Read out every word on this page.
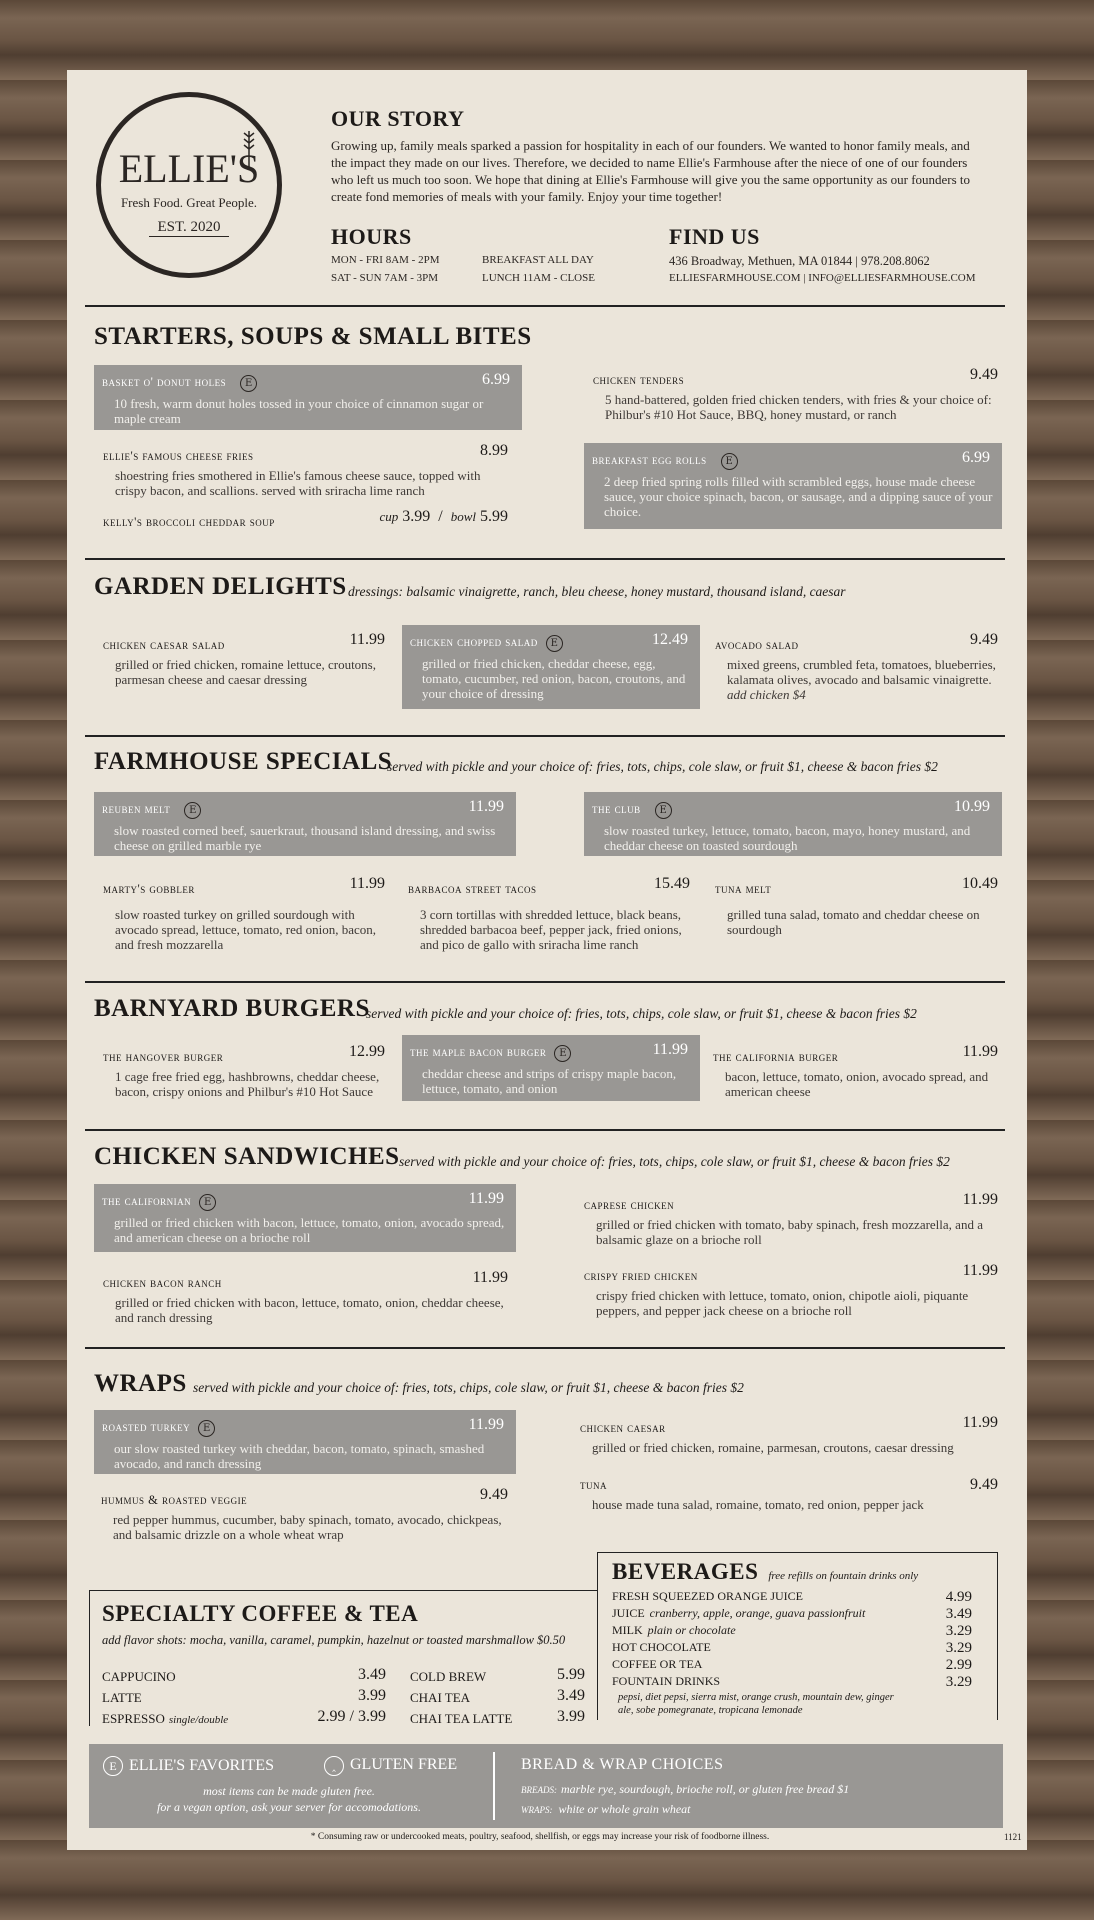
ELLIE'S
Fresh Food. Great People.
EST. 2020
OUR STORY
Growing up, family meals sparked a passion for hospitality in each of our founders. We wanted to honor family meals, and the impact they made on our lives. Therefore, we decided to name Ellie's Farmhouse after the niece of one of our founders who left us much too soon. We hope that dining at Ellie's Farmhouse will give you the same opportunity as our founders to create fond memories of meals with your family. Enjoy your time together!
HOURS
MON - FRI 8AM - 2PM
SAT - SUN 7AM - 3PM
BREAKFAST ALL DAY
LUNCH 11AM - CLOSE
FIND US
436 Broadway, Methuen, MA 01844 | 978.208.8062
ELLIESFARMHOUSE.COM | INFO@ELLIESFARMHOUSE.COM
STARTERS, SOUPS & SMALL BITES
basket o' donut holes E	6.99
10 fresh, warm donut holes tossed in your choice of cinnamon sugar or maple cream
ellie's famous cheese fries	8.99
shoestring fries smothered in Ellie's famous cheese sauce, topped with crispy bacon, and scallions. served with sriracha lime ranch
kelly's broccoli cheddar soup	cup 3.99 / bowl 5.99
chicken tenders	9.49
5 hand-battered, golden fried chicken tenders, with fries & your choice of: Philbur's #10 Hot Sauce, BBQ, honey mustard, or ranch
breakfast egg rolls E	6.99
2 deep fried spring rolls filled with scrambled eggs, house made cheese sauce, your choice spinach, bacon, or sausage, and a dipping sauce of your choice.
GARDEN DELIGHTS dressings: balsamic vinaigrette, ranch, bleu cheese, honey mustard, thousand island, caesar
chicken caesar salad	11.99
grilled or fried chicken, romaine lettuce, croutons, parmesan cheese and caesar dressing
chicken chopped salad E	12.49
grilled or fried chicken, cheddar cheese, egg, tomato, cucumber, red onion, bacon, croutons, and your choice of dressing
avocado salad	9.49
mixed greens, crumbled feta, tomatoes, blueberries, kalamata olives, avocado and balsamic vinaigrette. add chicken $4
FARMHOUSE SPECIALS
served with pickle and your choice of: fries, tots, chips, cole slaw, or fruit $1, cheese & bacon fries $2
reuben melt E	11.99
slow roasted corned beef, sauerkraut, thousand island dressing, and swiss cheese on grilled marble rye
the club E	10.99
slow roasted turkey, lettuce, tomato, bacon, mayo, honey mustard, and cheddar cheese on toasted sourdough
marty's gobbler	11.99
slow roasted turkey on grilled sourdough with avocado spread, lettuce, tomato, red onion, bacon, and fresh mozzarella
barbacoa street tacos	15.49
3 corn tortillas with shredded lettuce, black beans, shredded barbacoa beef, pepper jack, fried onions, and pico de gallo with sriracha lime ranch
tuna melt	10.49
grilled tuna salad, tomato and cheddar cheese on sourdough
BARNYARD BURGERS
served with pickle and your choice of: fries, tots, chips, cole slaw, or fruit $1, cheese & bacon fries $2
the hangover burger	12.99
1 cage free fried egg, hashbrowns, cheddar cheese, bacon, crispy onions and Philbur's #10 Hot Sauce
the maple bacon burger E	11.99
cheddar cheese and strips of crispy maple bacon, lettuce, tomato, and onion
the california burger	11.99
bacon, lettuce, tomato, onion, avocado spread, and american cheese
CHICKEN SANDWICHES served with pickle and your choice of: fries, tots, chips, cole slaw, or fruit $1, cheese & bacon fries $2
the californian E	11.99
grilled or fried chicken with bacon, lettuce, tomato, onion, avocado spread, and american cheese on a brioche roll
caprese chicken	11.99
grilled or fried chicken with tomato, baby spinach, fresh mozzarella, and a balsamic glaze on a brioche roll
chicken bacon ranch	11.99
grilled or fried chicken with bacon, lettuce, tomato, onion, cheddar cheese, and ranch dressing
crispy fried chicken	11.99
crispy fried chicken with lettuce, tomato, onion, chipotle aioli, piquante peppers, and pepper jack cheese on a brioche roll
WRAPS served with pickle and your choice of: fries, tots, chips, cole slaw, or fruit $1, cheese & bacon fries $2
roasted turkey E	11.99
our slow roasted turkey with cheddar, bacon, tomato, spinach, smashed avocado, and ranch dressing
chicken caesar	11.99
grilled or fried chicken, romaine, parmesan, croutons, caesar dressing
hummus & roasted veggie	9.49
red pepper hummus, cucumber, baby spinach, tomato, avocado, chickpeas, and balsamic drizzle on a whole wheat wrap
tuna	9.49
house made tuna salad, romaine, tomato, red onion, pepper jack
BEVERAGES free refills on fountain drinks only
FRESH SQUEEZED ORANGE JUICE	4.99
JUICE cranberry, apple, orange, guava passionfruit	3.49
MILK plain or chocolate	3.29
HOT CHOCOLATE	3.29
COFFEE OR TEA	2.99
FOUNTAIN DRINKS	3.29
pepsi, diet pepsi, sierra mist, orange crush, mountain dew, ginger ale, sobe pomegranate, tropicana lemonade
SPECIALTY COFFEE & TEA
add flavor shots: mocha, vanilla, caramel, pumpkin, hazelnut or toasted marshmallow $0.50
CAPPUCINO	3.49
LATTE	3.99
ESPRESSO single/double	2.99 / 3.99
COLD BREW	5.99
CHAI TEA	3.49
CHAI TEA LATTE	3.99
E ELLIE'S FAVORITES	‸ GLUTEN FREE
most items can be made gluten free.
for a vegan option, ask your server for accomodations.
BREAD & WRAP CHOICES
BREADS: marble rye, sourdough, brioche roll, or gluten free bread $1
WRAPS: white or whole grain wheat
* Consuming raw or undercooked meats, poultry, seafood, shellfish, or eggs may increase your risk of foodborne illness.	1121
